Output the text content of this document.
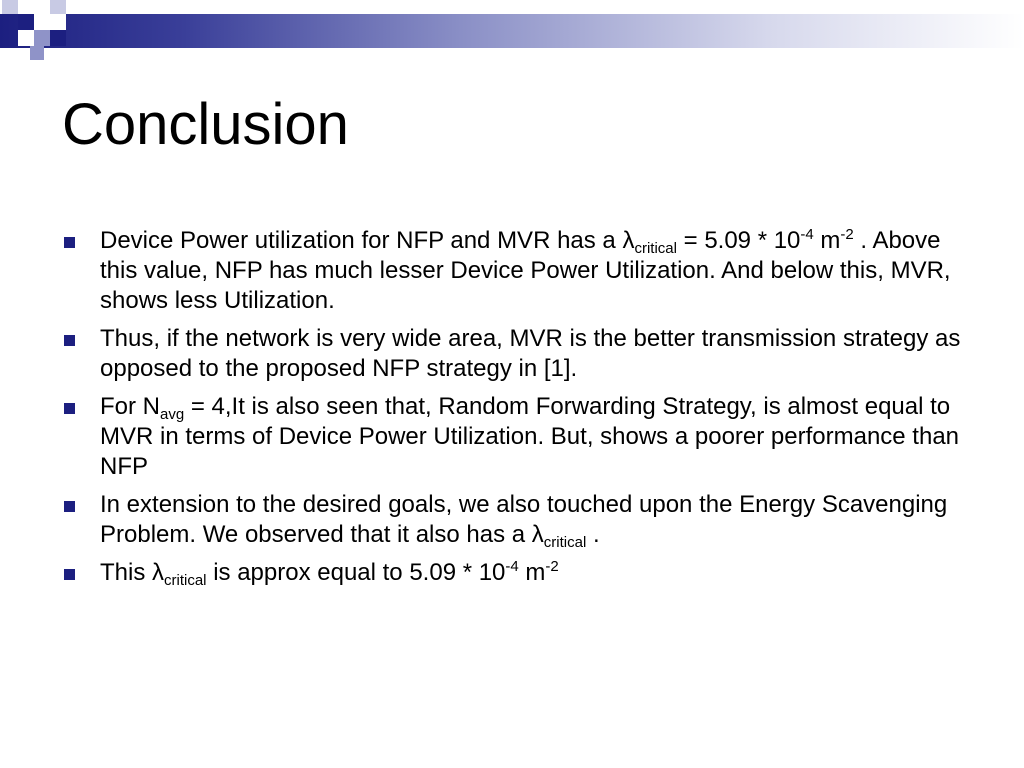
Conclusion
Device Power utilization for NFP and MVR has a $\lambda_{critical} = 5.09 * 10^{-4}$ $m^{-2}$ . Above this value, NFP has much lesser Device Power Utilization. And below this, MVR, shows less Utilization.
Thus, if the network is very wide area, MVR is the better transmission strategy as opposed to the proposed NFP strategy in [1].
For $N_{avg} = 4,It$ is also seen that, Random Forwarding Strategy, is almost equal to MVR in terms of Device Power Utilization. But, shows a poorer performance than NFP
In extension to the desired goals, we also touched upon the Energy Scavenging Problem. We observed that it also has a $\lambda_{critical}$ .
This $\lambda_{critical}$ is approx equal to $5.09 * 10^{-4}$ $m^{-2}$
